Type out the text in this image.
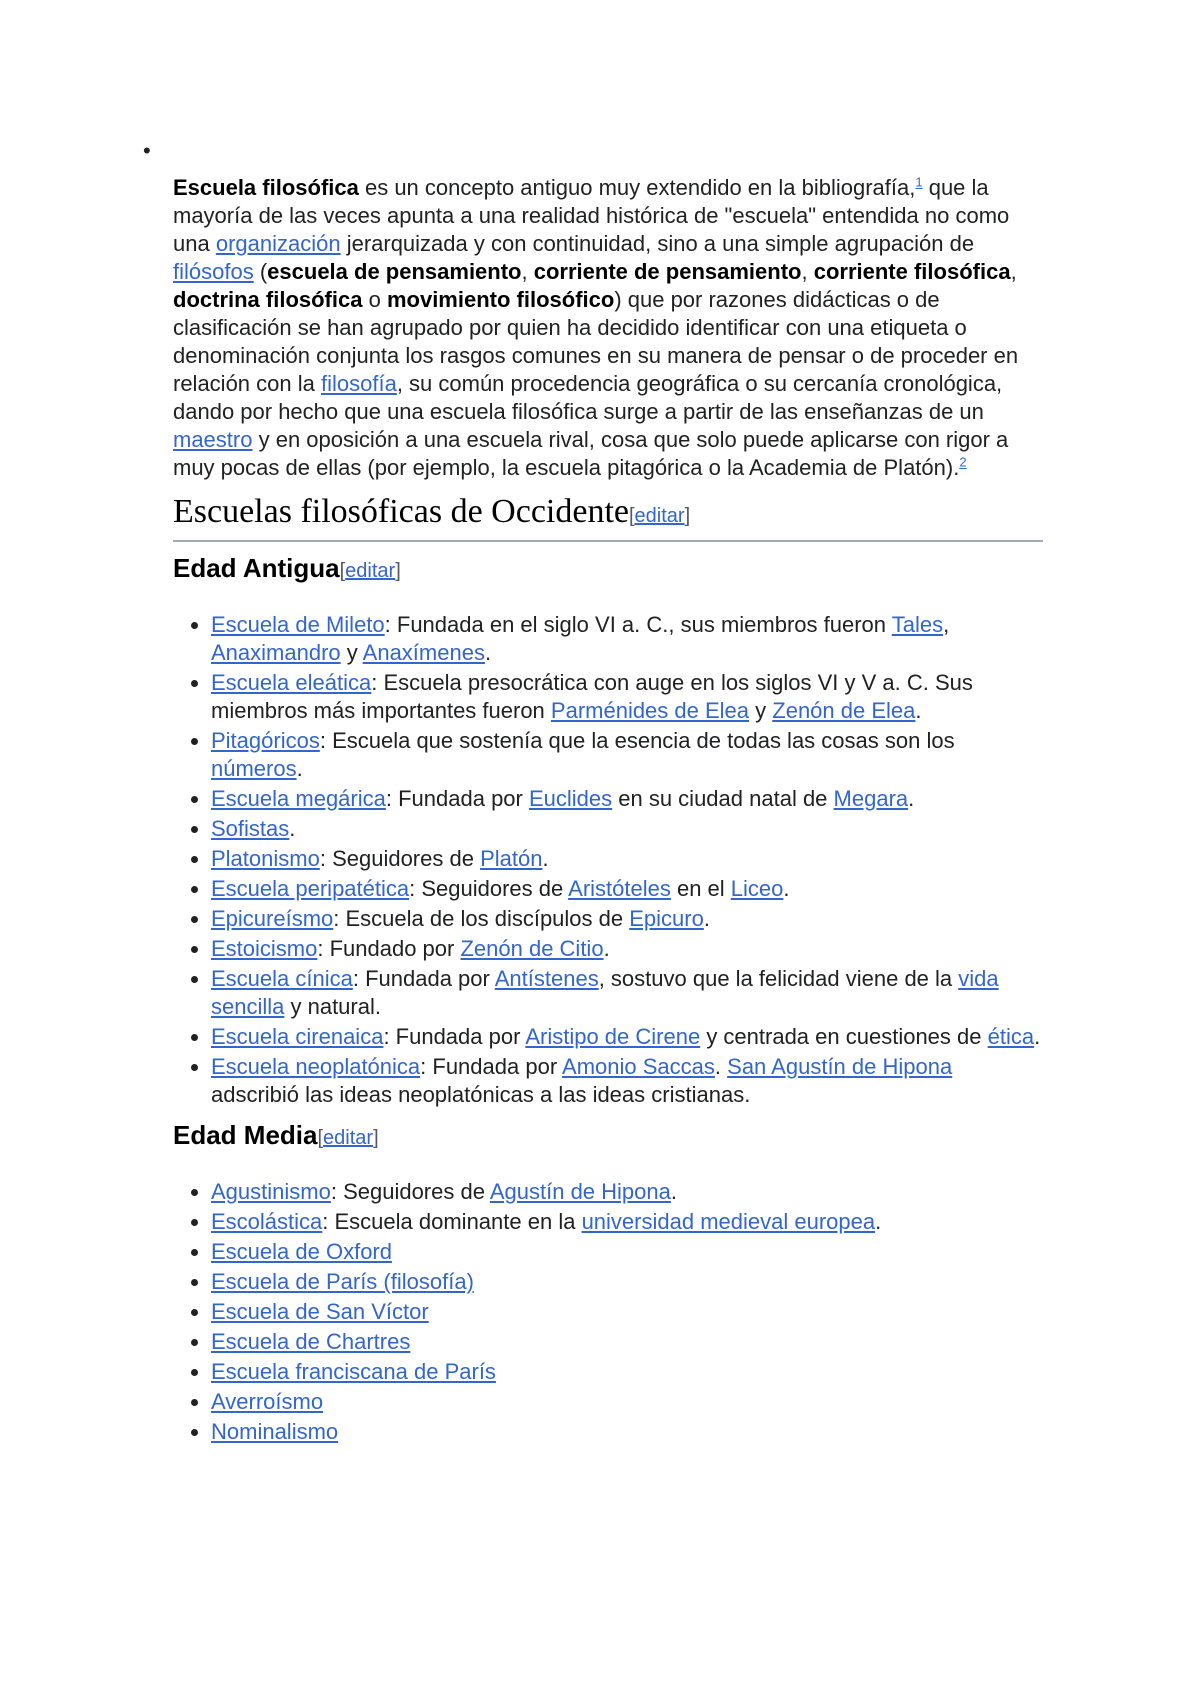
•

Escuela filosófica es un concepto antiguo muy extendido en la bibliografía,$^1$ que la mayoría de las veces apunta a una realidad histórica de "escuela" entendida no como una organización jerarquizada y con continuidad, sino a una simple agrupación de filósofos (escuela de pensamiento, corriente de pensamiento, corriente filosófica, doctrina filosófica o movimiento filosófico) que por razones didácticas o de clasificación se han agrupado por quien ha decidido identificar con una etiqueta o denominación conjunta los rasgos comunes en su manera de pensar o de proceder en relación con la filosofía, su común procedencia geográfica o su cercanía cronológica, dando por hecho que una escuela filosófica surge a partir de las enseñanzas de un maestro y en oposición a una escuela rival, cosa que solo puede aplicarse con rigor a muy pocas de ellas (por ejemplo, la escuela pitagórica o la Academia de Platón).$^2$

Escuelas filosóficas de Occidente[editar]
Edad Antigua[editar]
• Escuela de Mileto: Fundada en el siglo VI a. C., sus miembros fueron Tales, Anaximandro y Anaxímenes.
• Escuela eleática: Escuela presocrática con auge en los siglos VI y V a. C. Sus miembros más importantes fueron Parménides de Elea y Zenón de Elea.
• Pitagóricos: Escuela que sostenía que la esencia de todas las cosas son los números.
• Escuela megárica: Fundada por Euclides en su ciudad natal de Megara.
• Sofistas.
• Platonismo: Seguidores de Platón.
• Escuela peripatética: Seguidores de Aristóteles en el Liceo.
• Epicureísmo: Escuela de los discípulos de Epicuro.
• Estoicismo: Fundado por Zenón de Citio.
• Escuela cínica: Fundada por Antístenes, sostuvo que la felicidad viene de la vida sencilla y natural.
• Escuela cirenaica: Fundada por Aristipo de Cirene y centrada en cuestiones de ética.
• Escuela neoplatónica: Fundada por Amonio Saccas. San Agustín de Hipona adscribió las ideas neoplatónicas a las ideas cristianas.
Edad Media[editar]
• Agustinismo: Seguidores de Agustín de Hipona.
• Escolástica: Escuela dominante en la universidad medieval europea.
• Escuela de Oxford
• Escuela de París (filosofía)
• Escuela de San Víctor
• Escuela de Chartres
• Escuela franciscana de París
• Averroísmo
• Nominalismo
